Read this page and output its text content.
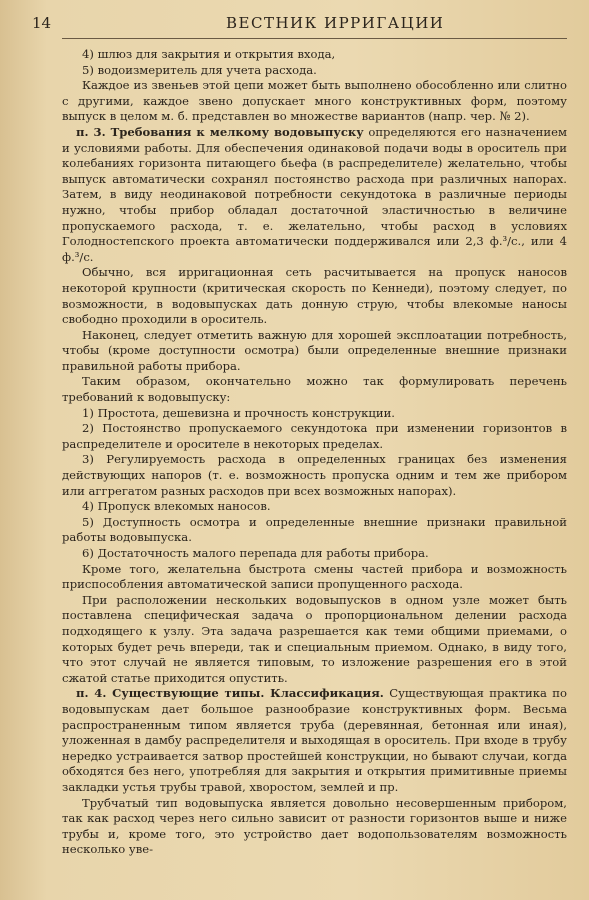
14	ВЕСТНИК ИРРИГАЦИИ

4) шлюз для закрытия и открытия входа,

5) водоизмеритель для учета расхода.

Каждое из звеньев этой цепи может быть выполнено обособленно или слитно с другими, каждое звено допускает много конструктивных форм, поэтому выпуск в целом м. б. представлен во множестве вариантов (напр. чер. № 2).

п. 3. Требования к мелкому водовыпуску определяются его назначением и условиями работы. Для обеспечения одинаковой подачи воды в ороситель при колебаниях горизонта питающего бьефа (в распределителе) желательно, чтобы выпуск автоматически сохранял постоянство расхода при различных напорах. Затем, в виду неодинаковой потребности секундотока в различные периоды нужно, чтобы прибор обладал достаточной эластичностью в величине пропускаемого расхода, т. е. желательно, чтобы расход в условиях Голодностепского проекта автоматически поддерживался или 2,3 ф.³/с., или 4 ф.³/с.

Обычно, вся ирригационная сеть расчитывается на пропуск наносов некоторой крупности (критическая скорость по Кеннеди), поэтому следует, по возможности, в водовыпусках дать донную струю, чтобы влекомые наносы свободно проходили в ороситель.

Наконец, следует отметить важную для хорошей эксплоатации потребность, чтобы (кроме доступности осмотра) были определенные внешние признаки правильной работы прибора.

Таким образом, окончательно можно так формулировать перечень требований к водовыпуску:

1) Простота, дешевизна и прочность конструкции.

2) Постоянство пропускаемого секундотока при изменении горизонтов в распределителе и оросителе в некоторых пределах.

3) Регулируемость расхода в определенных границах без изменения действующих напоров (т. е. возможность пропуска одним и тем же прибором или аггрегатом разных расходов при всех возможных напорах).

4) Пропуск влекомых наносов.

5) Доступность осмотра и определенные внешние признаки правильной работы водовыпуска.

6) Достаточность малого перепада для работы прибора.

Кроме того, желательна быстрота смены частей прибора и возможность приспособления автоматической записи пропущенного расхода.

При расположении нескольких водовыпусков в одном узле может быть поставлена специфическая задача о пропорциональном делении расхода подходящего к узлу. Эта задача разрешается как теми общими приемами, о которых будет речь впереди, так и специальным приемом. Однако, в виду того, что этот случай не является типовым, то изложение разрешения его в этой сжатой статье приходится опустить.

п. 4. Существующие типы. Классификация. Существующая практика по водовыпускам дает большое разнообразие конструктивных форм. Весьма распространенным типом является труба (деревянная, бетонная или иная), уложенная в дамбу распределителя и выходящая в ороситель. При входе в трубу нередко устраивается затвор простейшей конструкции, но бывают случаи, когда обходятся без него, употребляя для закрытия и открытия примитивные приемы закладки устья трубы травой, хворостом, землей и пр.

Трубчатый тип водовыпуска является довольно несовершенным прибором, так как расход через него сильно зависит от разности горизонтов выше и ниже трубы и, кроме того, это устройство дает водопользователям возможность несколько уве-
